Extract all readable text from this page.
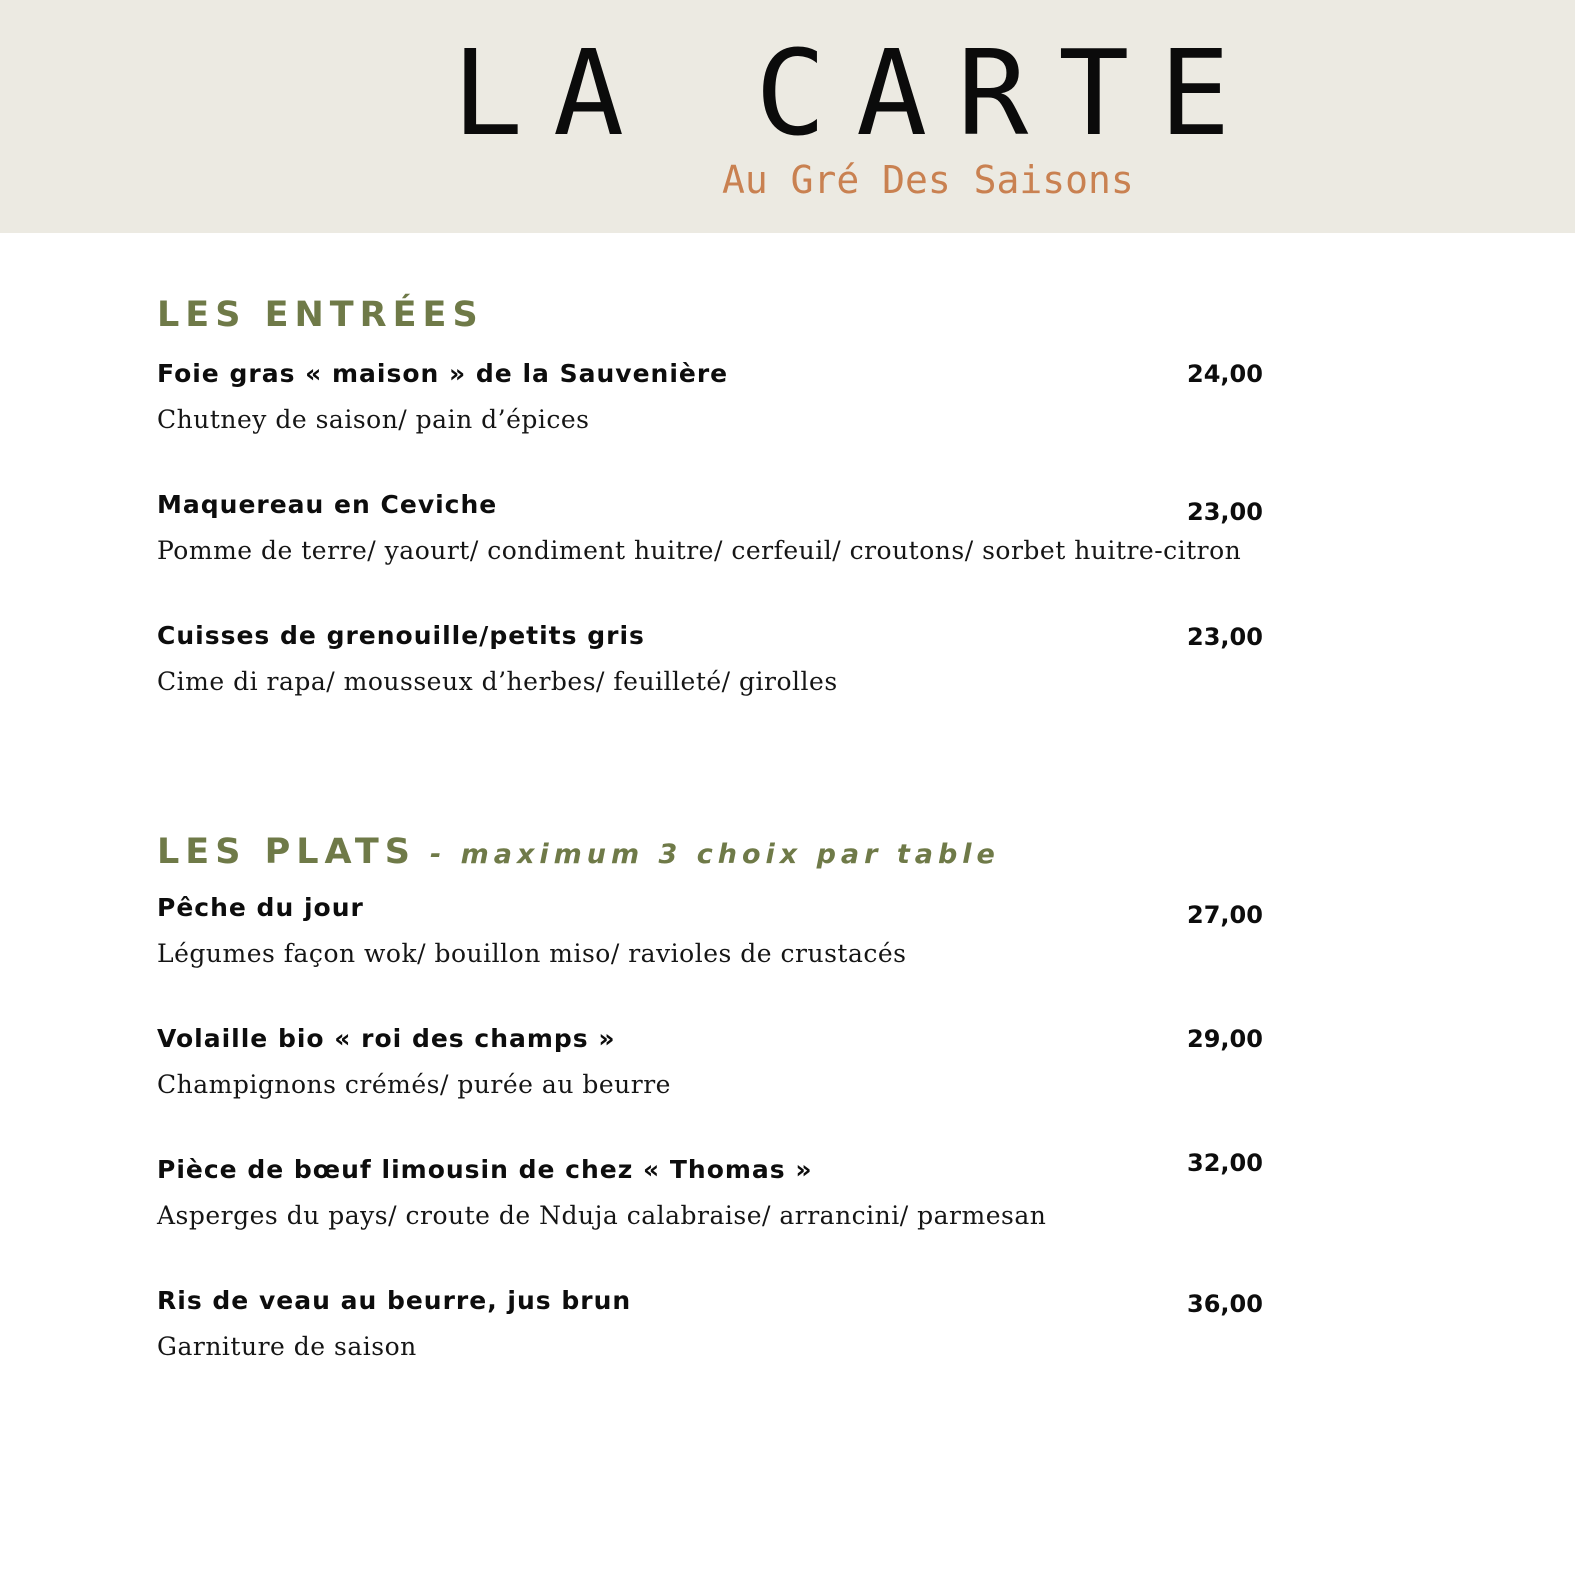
LA CARTE
Au Gré Des Saisons
LES ENTRÉES
Foie gras « maison » de la Sauvenière	24,00
Chutney de saison/ pain d’épices
Maquereau en Ceviche	23,00
Pomme de terre/ yaourt/ condiment huitre/ cerfeuil/ croutons/ sorbet huitre-citron
Cuisses de grenouille/petits gris	23,00
Cime di rapa/ mousseux d’herbes/ feuilleté/ girolles
LES PLATS - maximum 3 choix par table
Pêche du jour	27,00
Légumes façon wok/ bouillon miso/ ravioles de crustacés
Volaille bio « roi des champs »	29,00
Champignons crémés/ purée au beurre
Pièce de bœuf limousin de chez « Thomas »	32,00
Asperges du pays/ croute de Nduja calabraise/ arrancini/ parmesan
Ris de veau au beurre, jus brun	36,00
Garniture de saison
